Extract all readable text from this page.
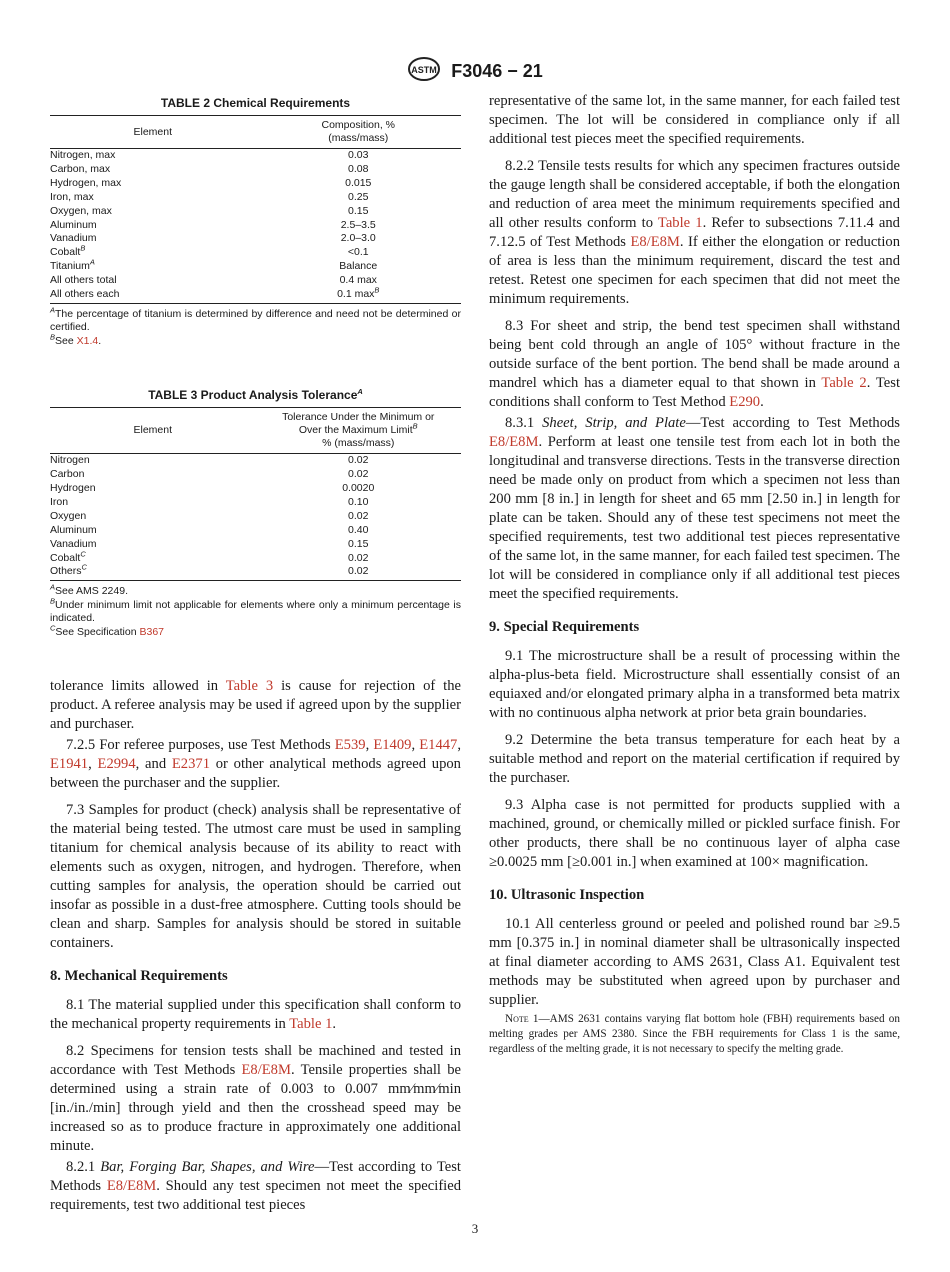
ASTM F3046 − 21
TABLE 2 Chemical Requirements
Element	Composition, %
(mass/mass)
Nitrogen, max	0.03
Carbon, max	0.08
Hydrogen, max	0.015
Iron, max	0.25
Oxygen, max	0.15
Aluminum	2.5–3.5
Vanadium	2.0–3.0
Cobalt$^B$	<0.1
Titanium$^A$	Balance
All others total	0.4 max
All others each	0.1 $\max^B$

$^A$The percentage of titanium is determined by difference and need not be determined or certified.

$^B$See X1.4.

TABLE 3 Product Analysis Tolerance$^A$
Element	Tolerance Under the Minimum or
Over the Maximum Limit$^B$
% (mass/mass)
Nitrogen	0.02
Carbon	0.02
Hydrogen	0.0020
Iron	0.10
Oxygen	0.02
Aluminum	0.40
Vanadium	0.15
Cobalt$^C$	0.02
Others$^C$	0.02

$^A$See AMS 2249.

$^B$Under minimum limit not applicable for elements where only a minimum percentage is indicated.

$^C$See Specification B367

tolerance limits allowed in Table 3 is cause for rejection of the product. A referee analysis may be used if agreed upon by the supplier and purchaser.

7.2.5 For referee purposes, use Test Methods E539, E1409, E1447, E1941, E2994, and E2371 or other analytical methods agreed upon between the purchaser and the supplier.

7.3 Samples for product (check) analysis shall be representative of the material being tested. The utmost care must be used in sampling titanium for chemical analysis because of its ability to react with elements such as oxygen, nitrogen, and hydrogen. Therefore, when cutting samples for analysis, the operation should be carried out insofar as possible in a dust-free atmosphere. Cutting tools should be clean and sharp. Samples for analysis should be stored in suitable containers.

8. Mechanical Requirements

8.1 The material supplied under this specification shall conform to the mechanical property requirements in Table 1.

8.2 Specimens for tension tests shall be machined and tested in accordance with Test Methods E8/E8M. Tensile properties shall be determined using a strain rate of 0.003 to 0.007 mm⁄mm⁄min [in./in./min] through yield and then the crosshead speed may be increased so as to produce fracture in approximately one additional minute.

8.2.1 Bar, Forging Bar, Shapes, and Wire—Test according to Test Methods E8/E8M. Should any test specimen not meet the specified requirements, test two additional test pieces

representative of the same lot, in the same manner, for each failed test specimen. The lot will be considered in compliance only if all additional test pieces meet the specified requirements.

8.2.2 Tensile tests results for which any specimen fractures outside the gauge length shall be considered acceptable, if both the elongation and reduction of area meet the minimum requirements specified and all other results conform to Table 1. Refer to subsections 7.11.4 and 7.12.5 of Test Methods E8/E8M. If either the elongation or reduction of area is less than the minimum requirement, discard the test and retest. Retest one specimen for each specimen that did not meet the minimum requirements.

8.3 For sheet and strip, the bend test specimen shall withstand being bent cold through an angle of 105° without fracture in the outside surface of the bent portion. The bend shall be made around a mandrel which has a diameter equal to that shown in Table 2. Test conditions shall conform to Test Method E290.

8.3.1 Sheet, Strip, and Plate—Test according to Test Methods E8/E8M. Perform at least one tensile test from each lot in both the longitudinal and transverse directions. Tests in the transverse direction need be made only on product from which a specimen not less than 200 mm [8 in.] in length for sheet and 65 mm [2.50 in.] in length for plate can be taken. Should any of these test specimens not meet the specified requirements, test two additional test pieces representative of the same lot, in the same manner, for each failed test specimen. The lot will be considered in compliance only if all additional test pieces meet the specified requirements.

9. Special Requirements

9.1 The microstructure shall be a result of processing within the alpha-plus-beta field. Microstructure shall essentially consist of an equiaxed and/or elongated primary alpha in a transformed beta matrix with no continuous alpha network at prior beta grain boundaries.

9.2 Determine the beta transus temperature for each heat by a suitable method and report on the material certification if required by the purchaser.

9.3 Alpha case is not permitted for products supplied with a machined, ground, or chemically milled or pickled surface finish. For other products, there shall be no continuous layer of alpha case ≥0.0025 mm [≥0.001 in.] when examined at 100× magnification.

10. Ultrasonic Inspection

10.1 All centerless ground or peeled and polished round bar ≥9.5 mm [0.375 in.] in nominal diameter shall be ultrasonically inspected at final diameter according to AMS 2631, Class A1. Equivalent test methods may be substituted when agreed upon by purchaser and supplier.

Note 1—AMS 2631 contains varying flat bottom hole (FBH) requirements based on melting grades per AMS 2380. Since the FBH requirements for Class 1 is the same, regardless of the melting grade, it is not necessary to specify the melting grade.

3
